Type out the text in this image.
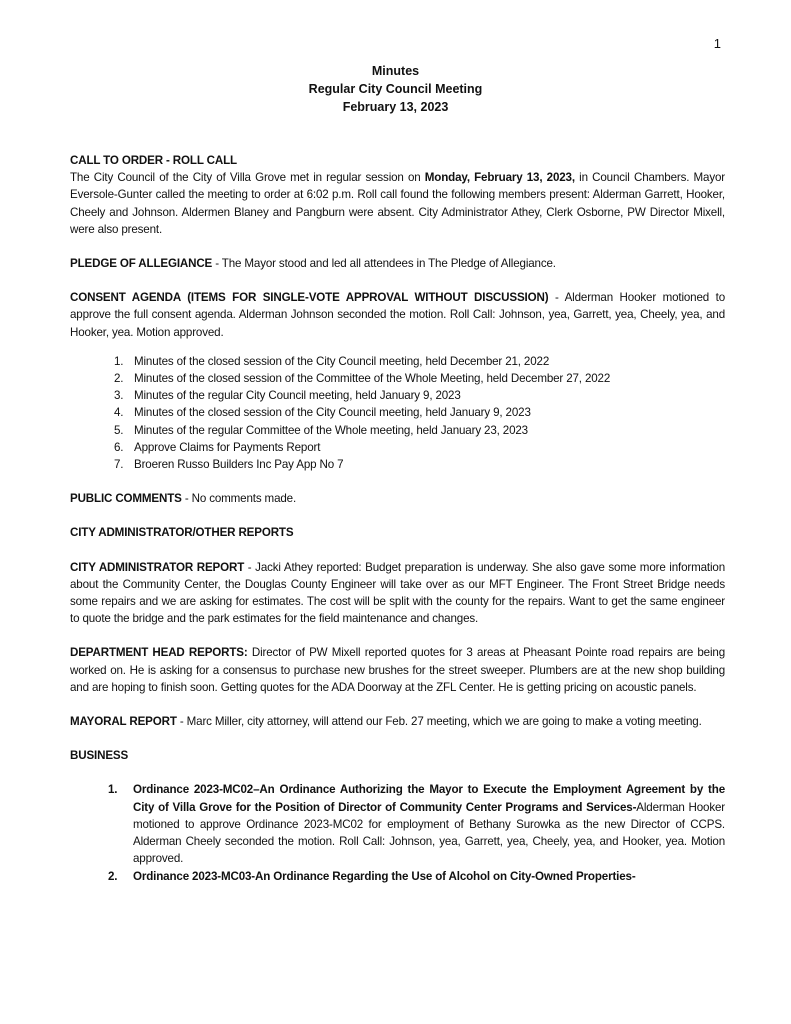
1
Minutes
Regular City Council Meeting
February 13, 2023
CALL TO ORDER - ROLL CALL
The City Council of the City of Villa Grove met in regular session on Monday, February 13, 2023, in Council Chambers. Mayor Eversole-Gunter called the meeting to order at 6:02 p.m. Roll call found the following members present: Alderman Garrett, Hooker, Cheely and Johnson. Aldermen Blaney and Pangburn were absent. City Administrator Athey, Clerk Osborne, PW Director Mixell, were also present.
PLEDGE OF ALLEGIANCE - The Mayor stood and led all attendees in The Pledge of Allegiance.
CONSENT AGENDA (ITEMS FOR SINGLE-VOTE APPROVAL WITHOUT DISCUSSION) - Alderman Hooker motioned to approve the full consent agenda. Alderman Johnson seconded the motion. Roll Call: Johnson, yea, Garrett, yea, Cheely, yea, and Hooker, yea. Motion approved.
1. Minutes of the closed session of the City Council meeting, held December 21, 2022
2. Minutes of the closed session of the Committee of the Whole Meeting, held December 27, 2022
3. Minutes of the regular City Council meeting, held January 9, 2023
4. Minutes of the closed session of the City Council meeting, held January 9, 2023
5. Minutes of the regular Committee of the Whole meeting, held January 23, 2023
6. Approve Claims for Payments Report
7. Broeren Russo Builders Inc Pay App No 7
PUBLIC COMMENTS - No comments made.
CITY ADMINISTRATOR/OTHER REPORTS
CITY ADMINISTRATOR REPORT - Jacki Athey reported: Budget preparation is underway. She also gave some more information about the Community Center, the Douglas County Engineer will take over as our MFT Engineer. The Front Street Bridge needs some repairs and we are asking for estimates. The cost will be split with the county for the repairs. Want to get the same engineer to quote the bridge and the park estimates for the field maintenance and changes.
DEPARTMENT HEAD REPORTS: Director of PW Mixell reported quotes for 3 areas at Pheasant Pointe road repairs are being worked on. He is asking for a consensus to purchase new brushes for the street sweeper. Plumbers are at the new shop building and are hoping to finish soon. Getting quotes for the ADA Doorway at the ZFL Center. He is getting pricing on acoustic panels.
MAYORAL REPORT - Marc Miller, city attorney, will attend our Feb. 27 meeting, which we are going to make a voting meeting.
BUSINESS
1. Ordinance 2023-MC02–An Ordinance Authorizing the Mayor to Execute the Employment Agreement by the City of Villa Grove for the Position of Director of Community Center Programs and Services-Alderman Hooker motioned to approve Ordinance 2023-MC02 for employment of Bethany Surowka as the new Director of CCPS. Alderman Cheely seconded the motion. Roll Call: Johnson, yea, Garrett, yea, Cheely, yea, and Hooker, yea. Motion approved.
2. Ordinance 2023-MC03-An Ordinance Regarding the Use of Alcohol on City-Owned Properties-
